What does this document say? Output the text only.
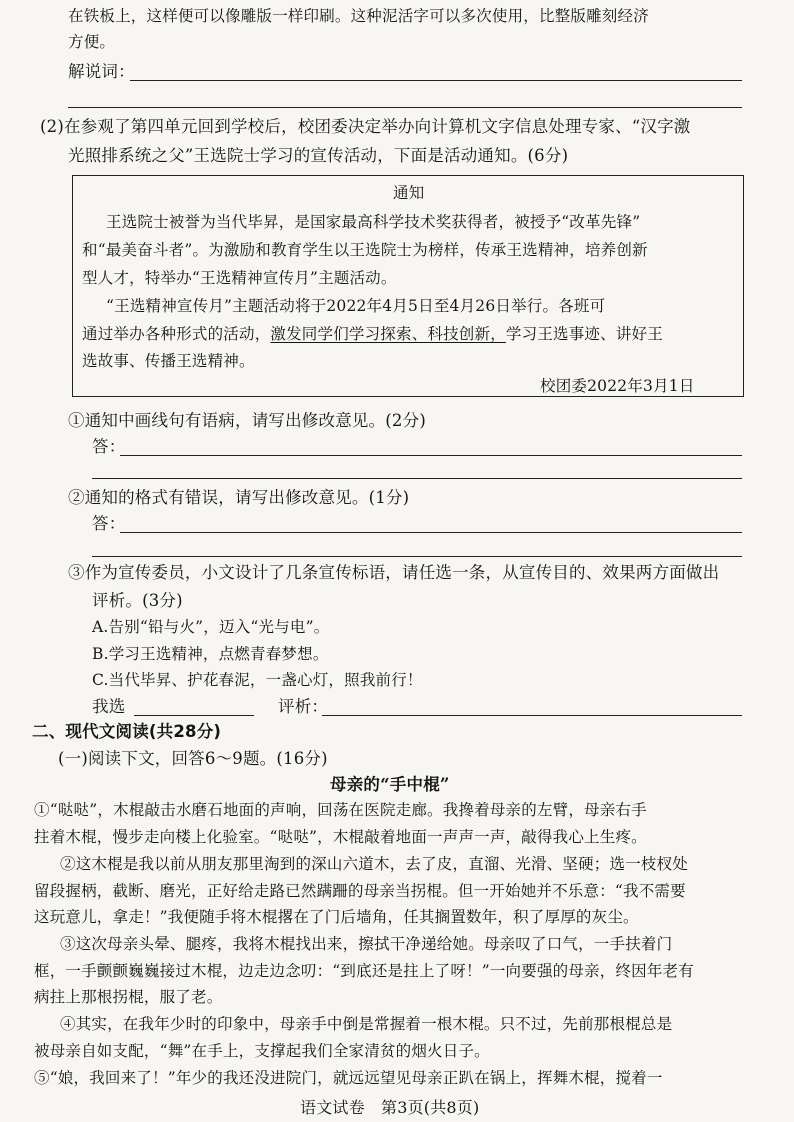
在铁板上，这样便可以像雕版一样印刷。这种泥活字可以多次使用，比整版雕刻经济
方便。
解说词：
(2)在参观了第四单元回到学校后，校团委决定举办向计算机文字信息处理专家、“汉字激
光照排系统之父”王选院士学习的宣传活动，下面是活动通知。(6分)
通知
王选院士被誉为当代毕昇，是国家最高科学技术奖获得者，被授予“改革先锋”
和“最美奋斗者”。为激励和教育学生以王选院士为榜样，传承王选精神，培养创新
型人才，特举办“王选精神宣传月”主题活动。
“王选精神宣传月”主题活动将于2022年4月5日至4月26日举行。各班可
通过举办各种形式的活动，激发同学们学习探索、科技创新，学习王选事迹、讲好王
选故事、传播王选精神。
校团委2022年3月1日
①通知中画线句有语病，请写出修改意见。(2分)
答：
②通知的格式有错误，请写出修改意见。(1分)
答：
③作为宣传委员，小文设计了几条宣传标语，请任选一条，从宣传目的、效果两方面做出
评析。(3分)
A.告别“铅与火”，迈入“光与电”。
B.学习王选精神，点燃青春梦想。
C.当代毕昇、护花春泥，一盏心灯，照我前行！
我选	评析：
二、现代文阅读(共28分)
(一)阅读下文，回答6～9题。(16分)
母亲的“手中棍”
①“哒哒”，木棍敲击水磨石地面的声响，回荡在医院走廊。我搀着母亲的左臂，母亲右手
拄着木棍，慢步走向楼上化验室。“哒哒”，木棍敲着地面一声声一声，敲得我心上生疼。
②这木棍是我以前从朋友那里淘到的深山六道木，去了皮，直溜、光滑、坚硬；选一枝杈处
留段握柄，截断、磨光，正好给走路已然蹒跚的母亲当拐棍。但一开始她并不乐意：“我不需要
这玩意儿，拿走！”我便随手将木棍撂在了门后墙角，任其搁置数年，积了厚厚的灰尘。
③这次母亲头晕、腿疼，我将木棍找出来，擦拭干净递给她。母亲叹了口气，一手扶着门
框，一手颤颤巍巍接过木棍，边走边念叨：“到底还是拄上了呀！”一向要强的母亲，终因年老有
病拄上那根拐棍，服了老。
④其实，在我年少时的印象中，母亲手中倒是常握着一根木棍。只不过，先前那根棍总是
被母亲自如支配，“舞”在手上，支撑起我们全家清贫的烟火日子。
⑤“娘，我回来了！”年少的我还没进院门，就远远望见母亲正趴在锅上，挥舞木棍，搅着一
语文试卷　第3页(共8页)
